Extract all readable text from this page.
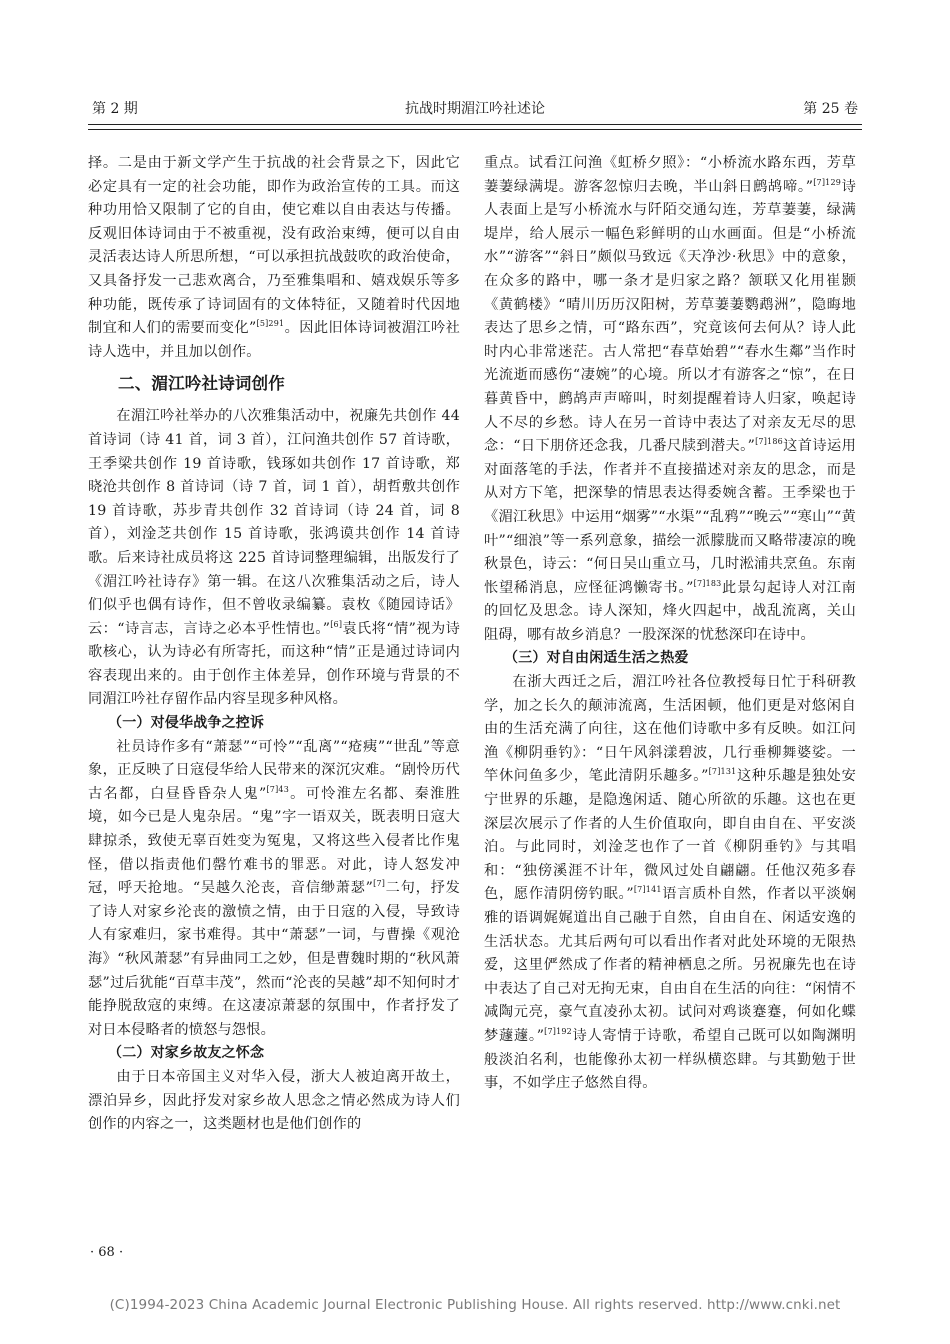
第 2 期	抗战时期湄江吟社述论	第 25 卷

择。二是由于新文学产生于抗战的社会背景之下，因此它必定具有一定的社会功能，即作为政治宣传的工具。而这种功用恰又限制了它的自由，使它难以自由表达与传播。反观旧体诗词由于不被重视，没有政治束缚，便可以自由灵活表达诗人所思所想，“可以承担抗战鼓吹的政治使命，又具备抒发一己悲欢离合，乃至雅集唱和、嬉戏娱乐等多种功能，既传承了诗词固有的文体特征，又随着时代因地制宜和人们的需要而变化”$^{[5]291}$。因此旧体诗词被湄江吟社诗人选中，并且加以创作。

二、湄江吟社诗词创作

在湄江吟社举办的八次雅集活动中，祝廉先共创作 44 首诗词（诗 41 首，词 3 首），江问渔共创作 57 首诗歌，王季梁共创作 19 首诗歌，钱琢如共创作 17 首诗歌，郑晓沧共创作 8 首诗词（诗 7 首，词 1 首），胡哲敷共创作 19 首诗歌，苏步青共创作 32 首诗词（诗 24 首，词 8 首），刘淦芝共创作 15 首诗歌，张鸿谟共创作 14 首诗歌。后来诗社成员将这 225 首诗词整理编辑，出版发行了《湄江吟社诗存》第一辑。在这八次雅集活动之后，诗人们似乎也偶有诗作，但不曾收录编纂。袁枚《随园诗话》云：“诗言志，言诗之必本乎性情也。”[6]袁氏将“情”视为诗歌核心，认为诗必有所寄托，而这种“情”正是通过诗词内容表现出来的。由于创作主体差异，创作环境与背景的不同湄江吟社存留作品内容呈现多种风格。

（一）对侵华战争之控诉

社员诗作多有“萧瑟”“可怜”“乱离”“疮痍”“世乱”等意象，正反映了日寇侵华给人民带来的深沉灾难。“剧怜历代古名都，白昼昏昏杂人鬼”$^{[7]43}$。可怜淮左名都、秦淮胜境，如今已是人鬼杂居。“鬼”字一语双关，既表明日寇大肆掠杀，致使无辜百姓变为冤鬼，又将这些入侵者比作鬼怪，借以指责他们罄竹难书的罪恶。对此，诗人怒发冲冠，呼天抢地。“吴越久沦丧，音信缈萧瑟”[7]二句，抒发了诗人对家乡沦丧的激愤之情，由于日寇的入侵，导致诗人有家难归，家书难得。其中“萧瑟”一词，与曹操《观沧海》“秋风萧瑟”有异曲同工之妙，但是曹魏时期的“秋风萧瑟”过后犹能“百草丰茂”，然而“沦丧的吴越”却不知何时才能挣脱敌寇的束缚。在这凄凉萧瑟的氛围中，作者抒发了对日本侵略者的愤怒与怨恨。

（二）对家乡故友之怀念

由于日本帝国主义对华入侵，浙大人被迫离开故土，漂泊异乡，因此抒发对家乡故人思念之情必然成为诗人们创作的内容之一，这类题材也是他们创作的

重点。试看江问渔《虹桥夕照》：“小桥流水路东西，芳草萋萋绿满堤。游客忽惊归去晚，半山斜日鹧鸪啼。”$^{[7]129}$诗人表面上是写小桥流水与阡陌交通勾连，芳草萋萋，绿满堤岸，给人展示一幅色彩鲜明的山水画面。但是“小桥流水”“游客”“斜日”颇似马致远《天净沙·秋思》中的意象，在众多的路中，哪一条才是归家之路？颔联又化用崔颢《黄鹤楼》“晴川历历汉阳树，芳草萋萋鹦鹉洲”，隐晦地表达了思乡之情，可“路东西”，究竟该何去何从？诗人此时内心非常迷茫。古人常把“春草始碧”“春水生鄰”当作时光流逝而感伤“凄婉”的心境。所以才有游客之“惊”，在日暮黄昏中，鹧鸪声声啼叫，时刻提醒着诗人归家，唤起诗人不尽的乡愁。诗人在另一首诗中表达了对亲友无尽的思念：“日下朋侪还念我，几番尺牍到潜夫。”$^{[7]186}$这首诗运用对面落笔的手法，作者并不直接描述对亲友的思念，而是从对方下笔，把深挚的情思表达得委婉含蓄。王季梁也于《湄江秋思》中运用“烟雾”“水渠”“乱鸦”“晚云”“寒山”“黄叶”“细浪”等一系列意象，描绘一派朦胧而又略带凄凉的晚秋景色，诗云：“何日吴山重立马，几时淞浦共烹鱼。东南怅望稀消息，应怪征鸿懒寄书。”$^{[7]183}$此景勾起诗人对江南的回忆及思念。诗人深知，烽火四起中，战乱流离，关山阻碍，哪有故乡消息？一股深深的忧愁深印在诗中。

（三）对自由闲适生活之热爱

在浙大西迁之后，湄江吟社各位教授每日忙于科研教学，加之长久的颠沛流离，生活困顿，他们更是对悠闲自由的生活充满了向往，这在他们诗歌中多有反映。如江问渔《柳阴垂钓》：“日午风斜漾碧波，几行垂柳舞婆娑。一竿休问鱼多少，笔此清阴乐趣多。”$^{[7]131}$这种乐趣是独处安宁世界的乐趣，是隐逸闲适、随心所欲的乐趣。这也在更深层次展示了作者的人生价值取向，即自由自在、平安淡泊。与此同时，刘淦芝也作了一首《柳阴垂钓》与其唱和：“独傍溪涯不计年，微风过处自翩翩。任他汉苑多春色，愿作清阴傍钓眠。”$^{[7]141}$语言质朴自然，作者以平淡娴雅的语调娓娓道出自己融于自然，自由自在、闲适安逸的生活状态。尤其后两句可以看出作者对此处环境的无限热爱，这里俨然成了作者的精神栖息之所。另祝廉先也在诗中表达了自己对无拘无束，自由自在生活的向往：“闲情不减陶元亮，豪气直凌孙太初。试问对鸡谈蹇蹇，何如化蝶梦蘧蘧。”$^{[7]192}$诗人寄情于诗歌，希望自己既可以如陶渊明般淡泊名利，也能像孙太初一样纵横恣肆。与其勤勉于世事，不如学庄子悠然自得。

· 68 ·
(C)1994-2023 China Academic Journal Electronic Publishing House. All rights reserved. http://www.cnki.net
